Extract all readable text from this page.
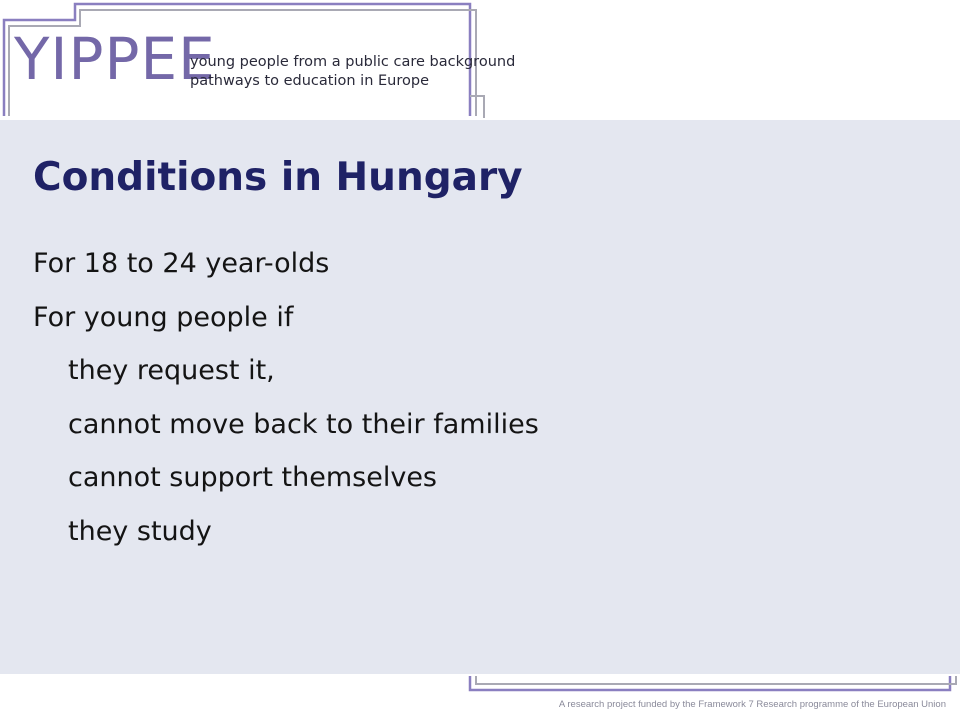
YIPPEE
young people from a public care background
pathways to education in Europe
Conditions in Hungary
For 18 to 24 year-olds
For young people if
they request it,
cannot move back to their families
cannot support themselves
they study
A research project funded by the Framework 7 Research programme of the European Union
